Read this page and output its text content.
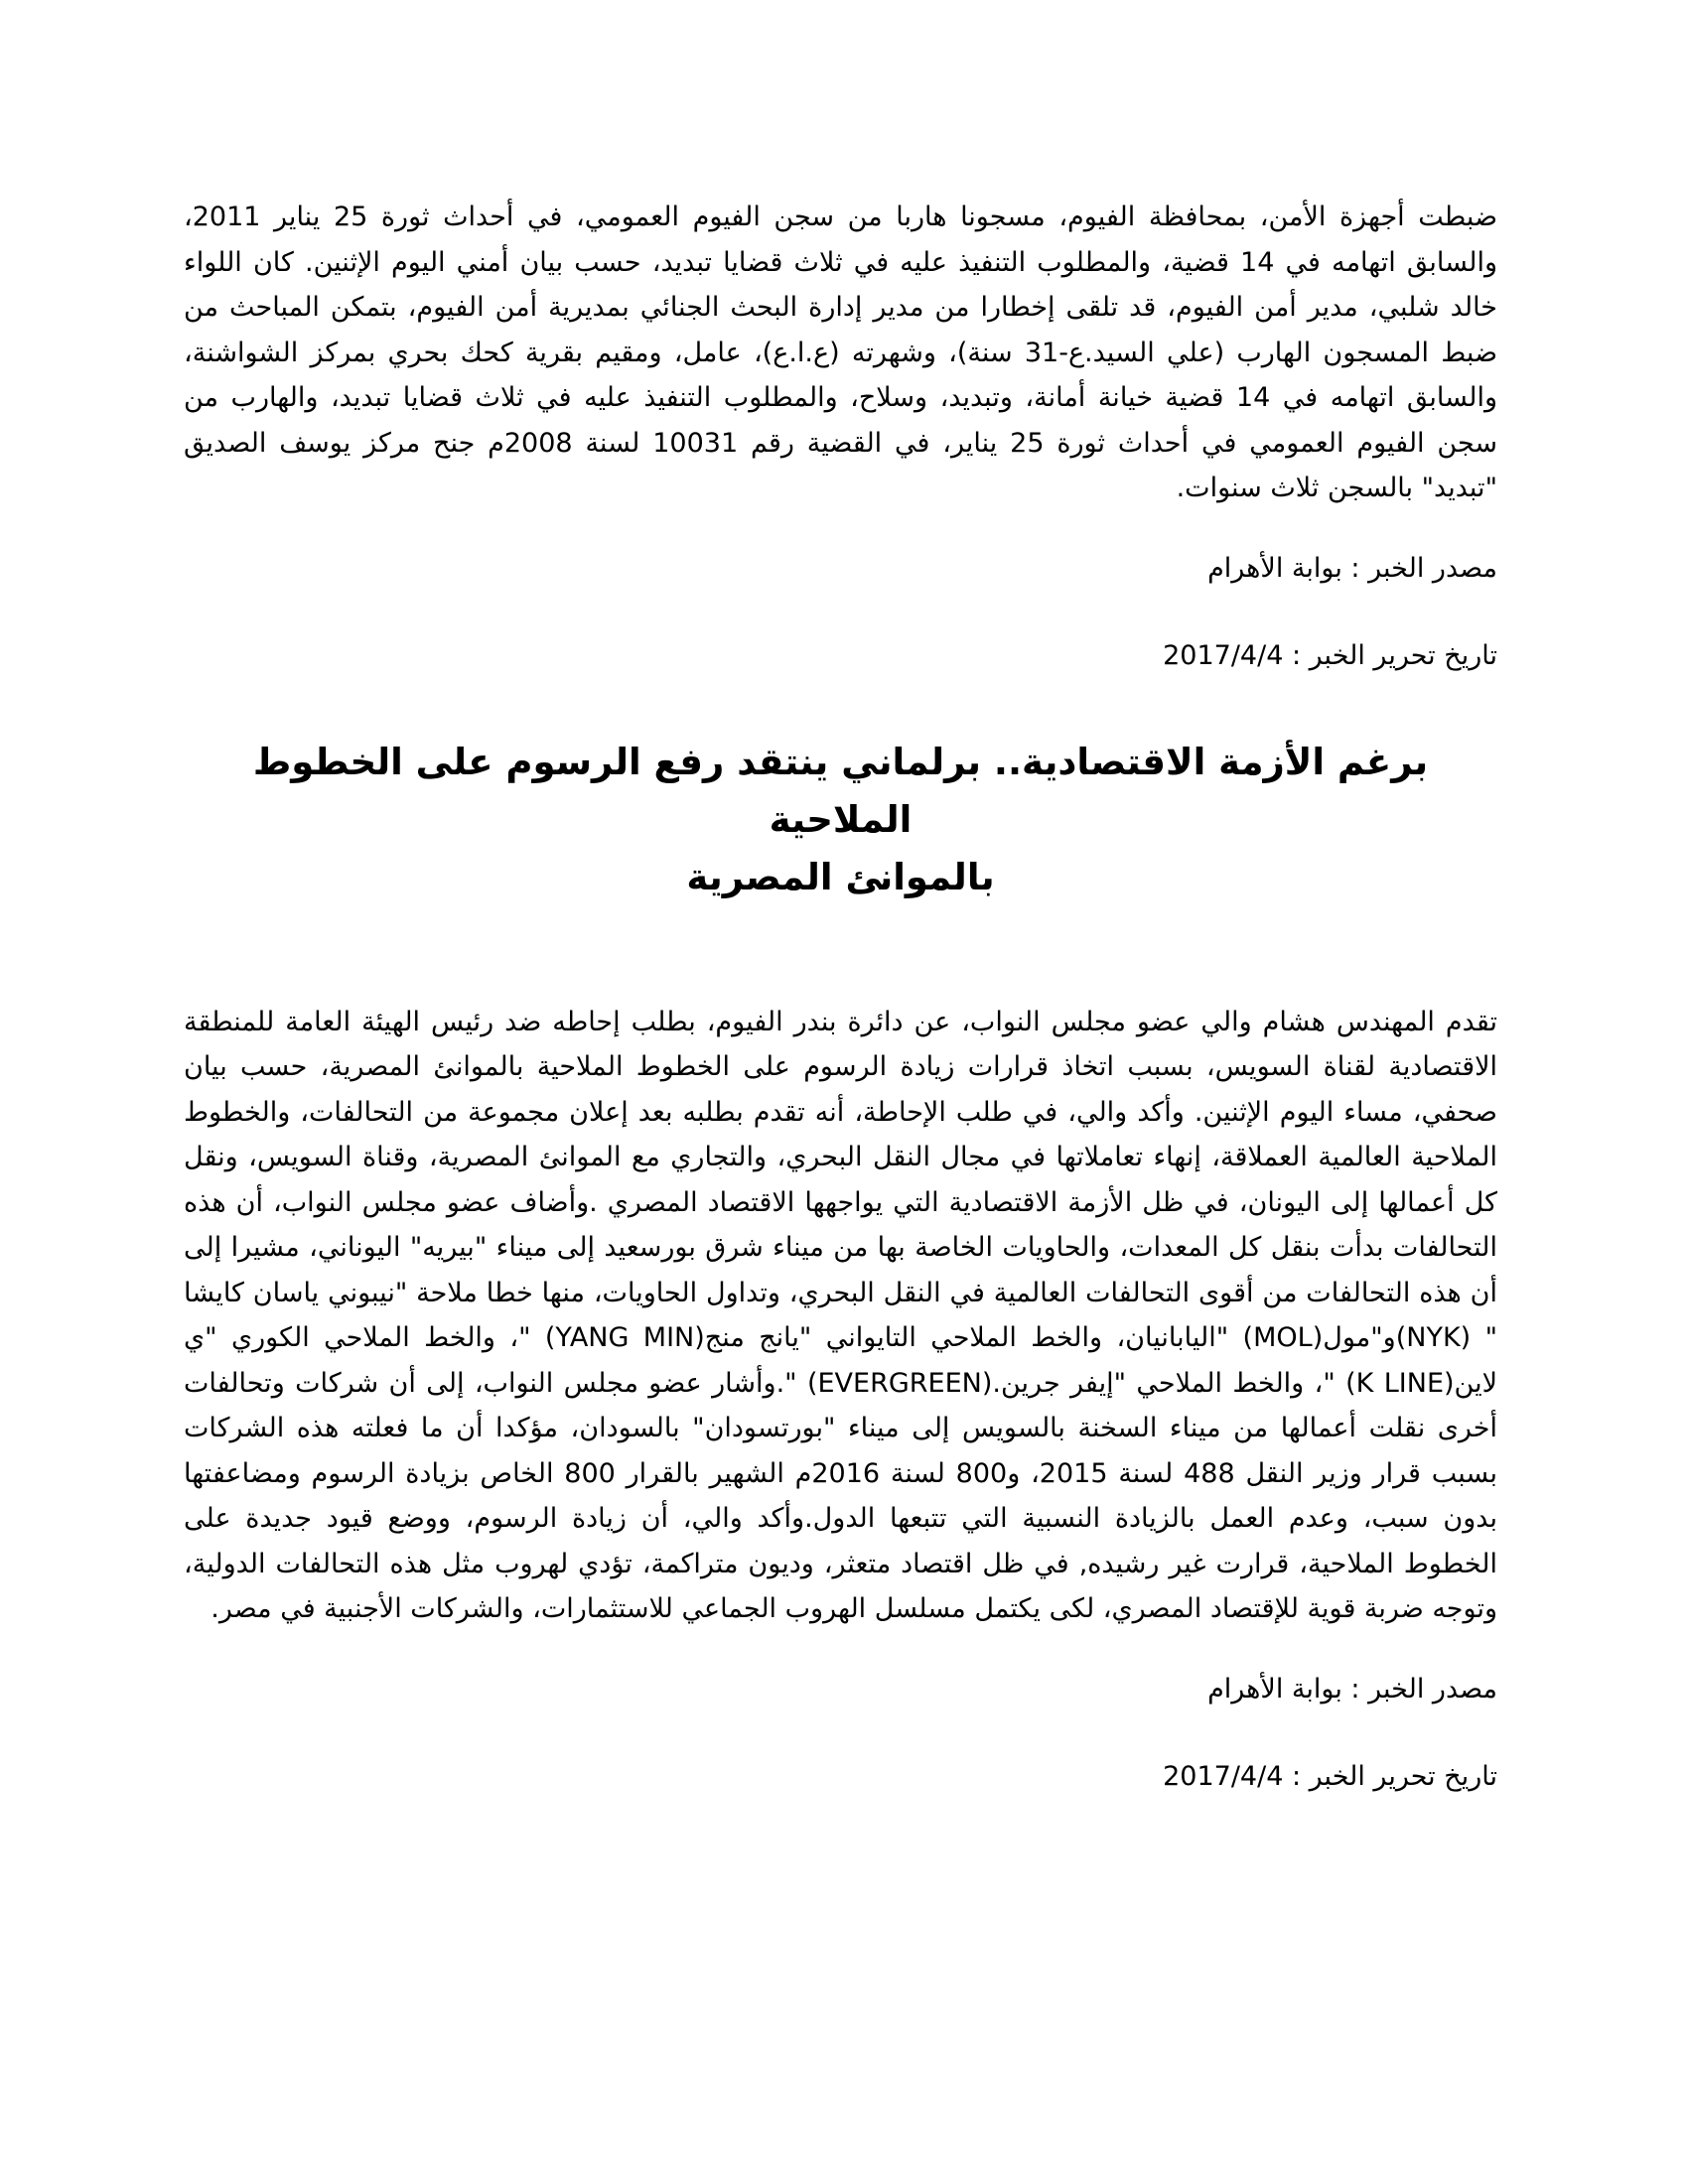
ضبطت أجهزة الأمن، بمحافظة الفيوم، مسجونا هاربا من سجن الفيوم العمومي، في أحداث ثورة 25 يناير 2011، والسابق اتهامه في 14 قضية، والمطلوب التنفيذ عليه في ثلاث قضايا تبديد، حسب بيان أمني اليوم الإثنين. كان اللواء خالد شلبي، مدير أمن الفيوم، قد تلقى إخطارا من مدير إدارة البحث الجنائي بمديرية أمن الفيوم، بتمكن المباحث من ضبط المسجون الهارب (علي السيد.ع-31 سنة)، وشهرته (ع.ا.ع)، عامل، ومقيم بقرية كحك بحري بمركز الشواشنة، والسابق اتهامه في 14 قضية خيانة أمانة، وتبديد، وسلاح، والمطلوب التنفيذ عليه في ثلاث قضايا تبديد، والهارب من سجن الفيوم العمومي في أحداث ثورة 25 يناير، في القضية رقم 10031 لسنة 2008م جنح مركز يوسف الصديق "تبديد" بالسجن ثلاث سنوات.

مصدر الخبر : بوابة الأهرام

تاريخ تحرير الخبر : 2017/4/4

برغم الأزمة الاقتصادية.. برلماني ينتقد رفع الرسوم على الخطوط الملاحية
بالموانئ المصرية

تقدم المهندس هشام والي عضو مجلس النواب، عن دائرة بندر الفيوم، بطلب إحاطه ضد رئيس الهيئة العامة للمنطقة الاقتصادية لقناة السويس، بسبب اتخاذ قرارات زيادة الرسوم على الخطوط الملاحية بالموانئ المصرية، حسب بيان صحفي، مساء اليوم الإثنين. وأكد والي، في طلب الإحاطة، أنه تقدم بطلبه بعد إعلان مجموعة من التحالفات، والخطوط الملاحية العالمية العملاقة، إنهاء تعاملاتها في مجال النقل البحري، والتجاري مع الموانئ المصرية، وقناة السويس، ونقل كل أعمالها إلى اليونان، في ظل الأزمة الاقتصادية التي يواجهها الاقتصاد المصري .وأضاف عضو مجلس النواب، أن هذه التحالفات بدأت بنقل كل المعدات، والحاويات الخاصة بها من ميناء شرق بورسعيد إلى ميناء "بيريه" اليوناني، مشيرا إلى أن هذه التحالفات من أقوى التحالفات العالمية في النقل البحري، وتداول الحاويات، منها خطا ملاحة "نيبوني ياسان كايشا " (NYK)و"مول(MOL) "اليابانيان، والخط الملاحي التايواني "يانج منج(YANG MIN) "، والخط الملاحي الكوري "ي لاين(K LINE) "، والخط الملاحي "إيفر جرين.(EVERGREEN) ".وأشار عضو مجلس النواب، إلى أن شركات وتحالفات أخرى نقلت أعمالها من ميناء السخنة بالسويس إلى ميناء "بورتسودان" بالسودان، مؤكدا أن ما فعلته هذه الشركات بسبب قرار وزير النقل 488 لسنة 2015، و800 لسنة 2016م الشهير بالقرار 800 الخاص بزيادة الرسوم ومضاعفتها بدون سبب، وعدم العمل بالزيادة النسبية التي تتبعها الدول.وأكد والي، أن زيادة الرسوم، ووضع قيود جديدة على الخطوط الملاحية، قرارت غير رشيده, في ظل اقتصاد متعثر، وديون متراكمة، تؤدي لهروب مثل هذه التحالفات الدولية، وتوجه ضربة قوية للإقتصاد المصري، لكى يكتمل مسلسل الهروب الجماعي للاستثمارات، والشركات الأجنبية في مصر.

مصدر الخبر : بوابة الأهرام

تاريخ تحرير الخبر : 2017/4/4
